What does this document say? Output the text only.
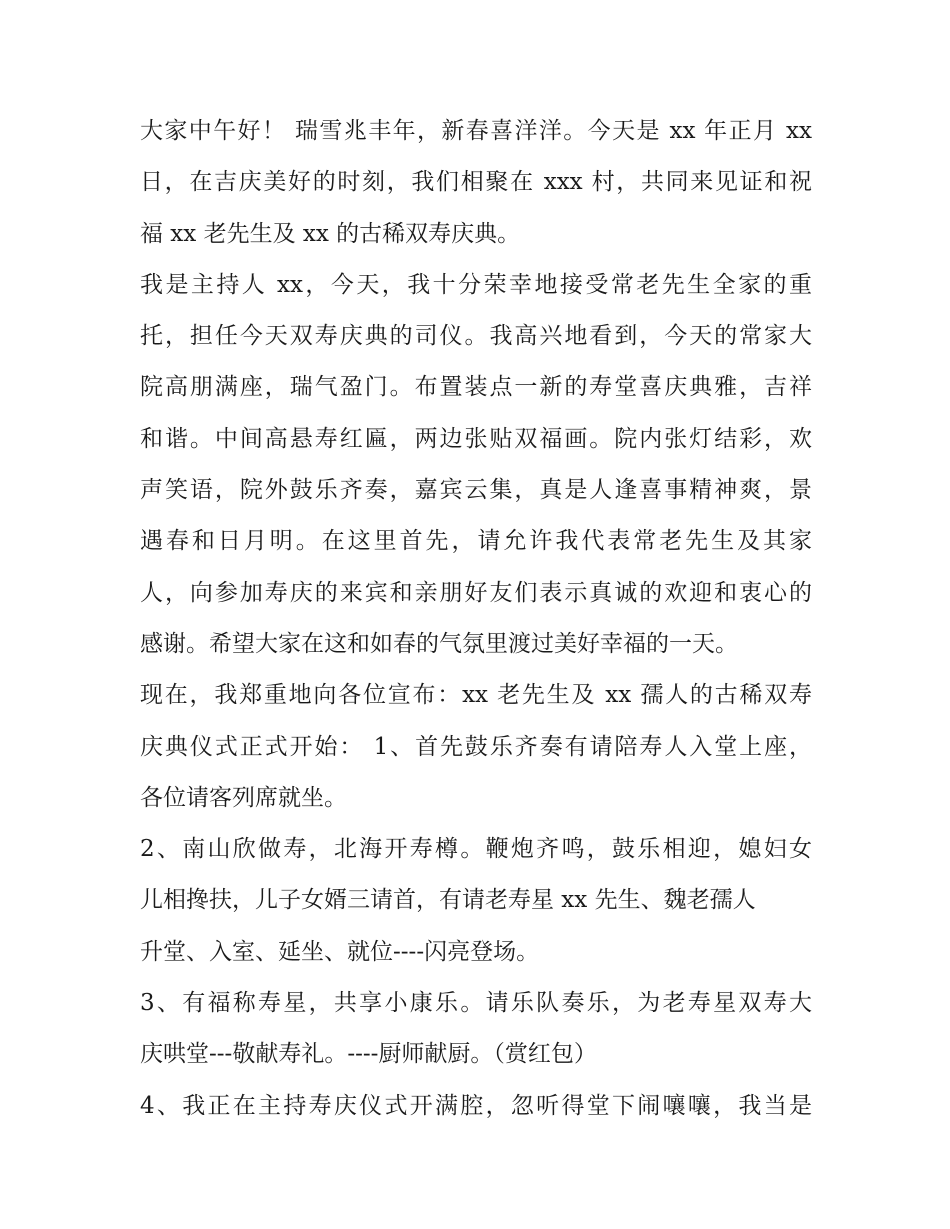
大家中午好！ 瑞雪兆丰年，新春喜洋洋。今天是 xx 年正月 xx
日，在吉庆美好的时刻，我们相聚在 xxx 村，共同来见证和祝
福 xx 老先生及 xx 的古稀双寿庆典。
我是主持人 xx，今天，我十分荣幸地接受常老先生全家的重
托，担任今天双寿庆典的司仪。我高兴地看到，今天的常家大
院高朋满座，瑞气盈门。布置装点一新的寿堂喜庆典雅，吉祥
和谐。中间高悬寿红匾，两边张贴双福画。院内张灯结彩，欢
声笑语，院外鼓乐齐奏，嘉宾云集，真是人逢喜事精神爽，景
遇春和日月明。在这里首先，请允许我代表常老先生及其家
人，向参加寿庆的来宾和亲朋好友们表示真诚的欢迎和衷心的
感谢。希望大家在这和如春的气氛里渡过美好幸福的一天。
现在，我郑重地向各位宣布：xx 老先生及 xx 孺人的古稀双寿
庆典仪式正式开始： 1、首先鼓乐齐奏有请陪寿人入堂上座，
各位请客列席就坐。
2、南山欣做寿，北海开寿樽。鞭炮齐鸣，鼓乐相迎，媳妇女
儿相搀扶，儿子女婿三请首，有请老寿星 xx 先生、魏老孺人
升堂、入室、延坐、就位----闪亮登场。
3、有福称寿星，共享小康乐。请乐队奏乐，为老寿星双寿大
庆哄堂---敬献寿礼。----厨师献厨。（赏红包）
4、我正在主持寿庆仪式开满腔，忽听得堂下闹嚷嚷，我当是
